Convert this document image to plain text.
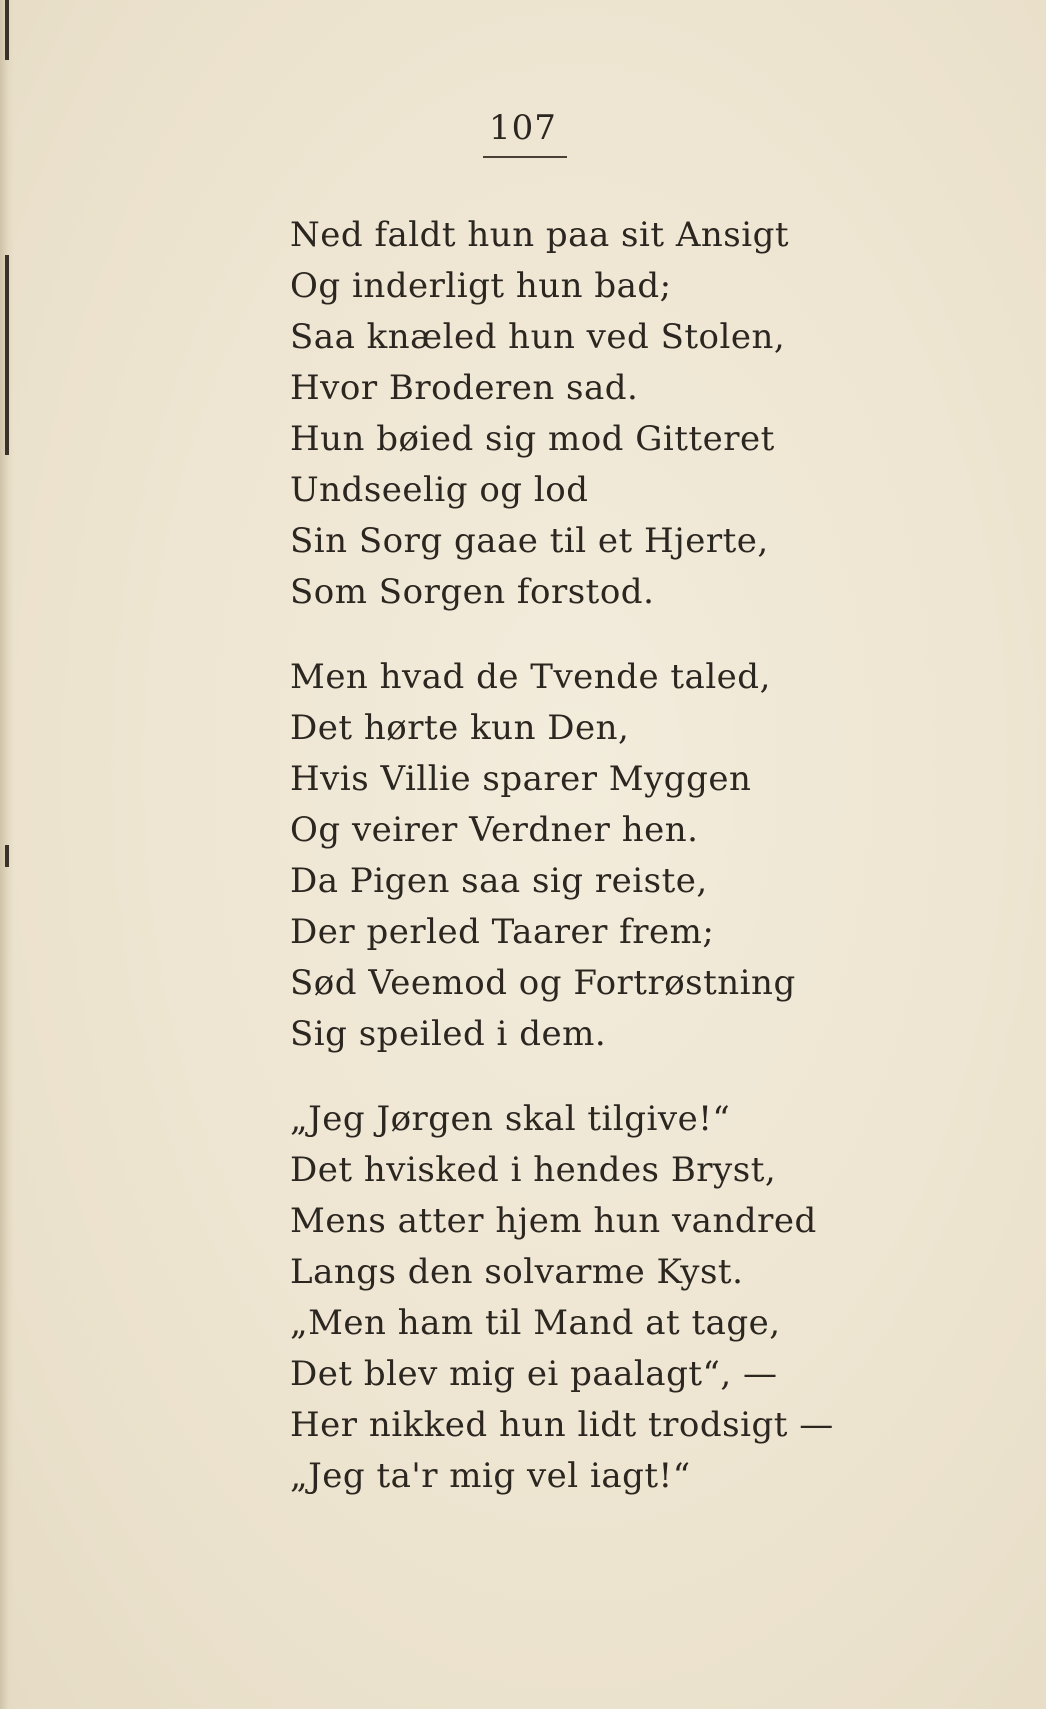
107
Ned faldt hun paa sit Ansigt
Og inderligt hun bad;
Saa knæled hun ved Stolen,
Hvor Broderen sad.
Hun bøied sig mod Gitteret
Undseelig og lod
Sin Sorg gaae til et Hjerte,
Som Sorgen forstod.
Men hvad de Tvende taled,
Det hørte kun Den,
Hvis Villie sparer Myggen
Og veirer Verdner hen.
Da Pigen saa sig reiste,
Der perled Taarer frem;
Sød Veemod og Fortrøstning
Sig speiled i dem.
„Jeg Jørgen skal tilgive!“
Det hvisked i hendes Bryst,
Mens atter hjem hun vandred
Langs den solvarme Kyst.
„Men ham til Mand at tage,
Det blev mig ei paalagt“, —
Her nikked hun lidt trodsigt —
„Jeg ta'r mig vel iagt!“
